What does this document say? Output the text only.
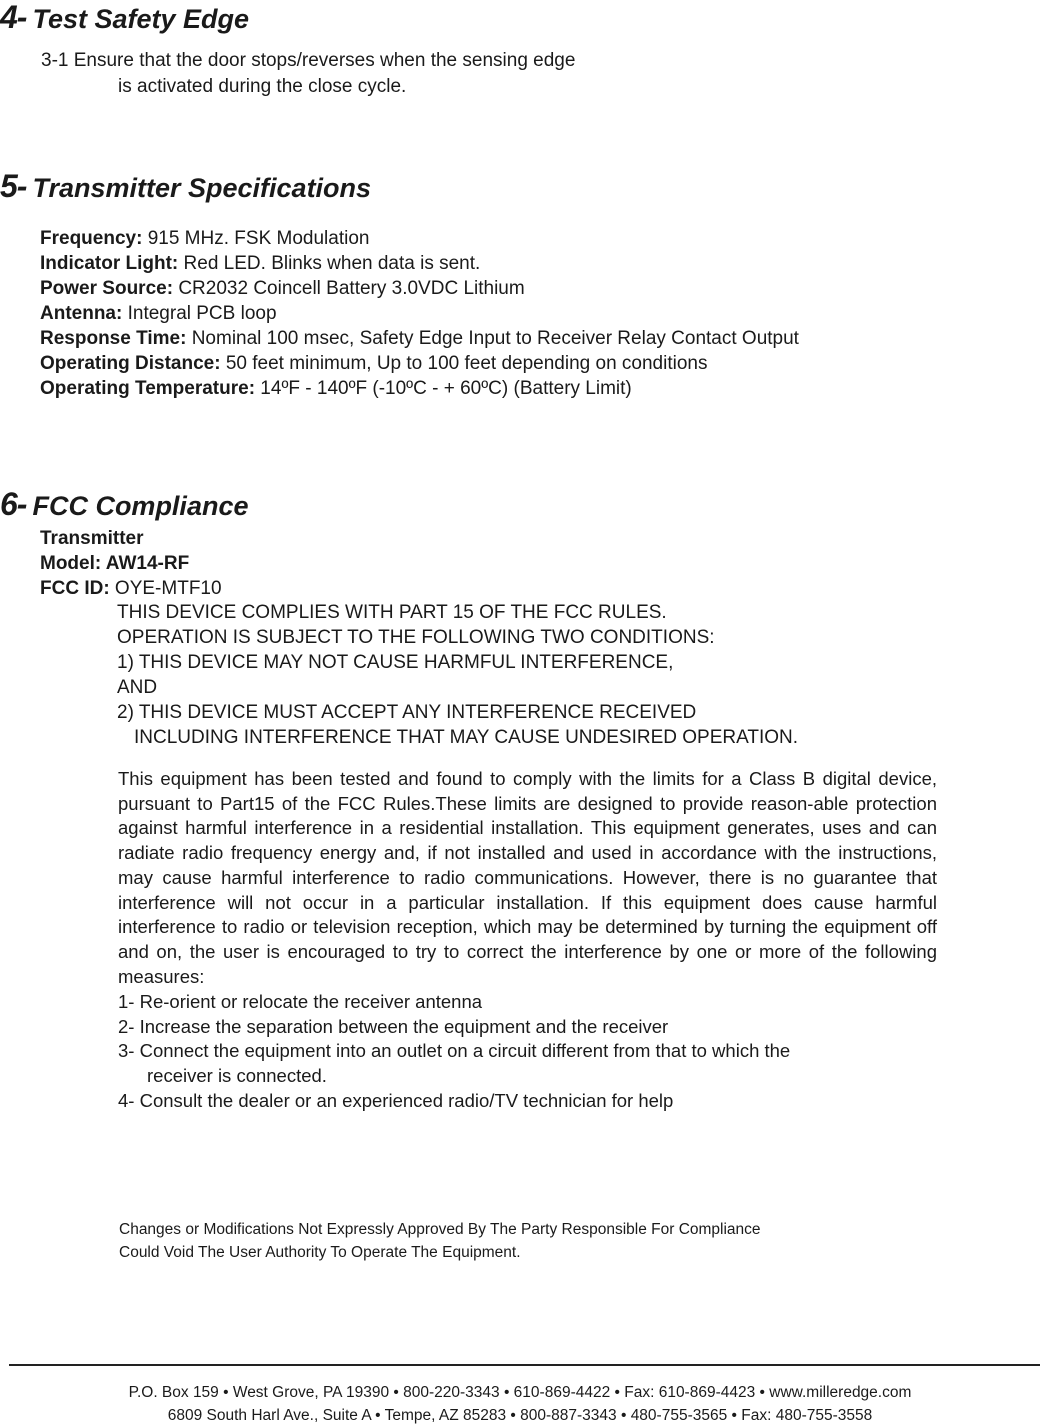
4- Test Safety Edge
3-1 Ensure that the door stops/reverses when the sensing edge
is activated during the close cycle.
5- Transmitter Specifications
Frequency: 915 MHz. FSK Modulation
Indicator Light: Red LED. Blinks when data is sent.
Power Source: CR2032 Coincell Battery 3.0VDC Lithium
Antenna: Integral PCB loop
Response Time: Nominal 100 msec, Safety Edge Input to Receiver Relay Contact Output
Operating Distance: 50 feet minimum, Up to 100 feet depending on conditions
Operating Temperature: 14ºF - 140ºF (-10ºC - + 60ºC) (Battery Limit)
6- FCC Compliance
Transmitter
Model: AW14-RF
FCC ID: OYE-MTF10
THIS DEVICE COMPLIES WITH PART 15 OF THE FCC RULES.
OPERATION IS SUBJECT TO THE FOLLOWING TWO CONDITIONS:
1) THIS DEVICE MAY NOT CAUSE HARMFUL INTERFERENCE,
AND
2) THIS DEVICE MUST ACCEPT ANY INTERFERENCE RECEIVED
INCLUDING INTERFERENCE THAT MAY CAUSE UNDESIRED OPERATION.
This equipment has been tested and found to comply with the limits for a Class B digital device, pursuant to Part15 of the FCC Rules.These limits are designed to provide reason-able protection against harmful interference in a residential installation. This equipment generates, uses and can radiate radio frequency energy and, if not installed and used in accordance with the instructions, may cause harmful interference to radio communications. However, there is no guarantee that interference will not occur in a particular installation. If this equipment does cause harmful interference to radio or television reception, which may be determined by turning the equipment off and on, the user is encouraged to try to correct the interference by one or more of the following measures:
1- Re-orient or relocate the receiver antenna
2- Increase the separation between the equipment and the receiver
3- Connect the equipment into an outlet on a circuit different from that to which the
receiver is connected.
4- Consult the dealer or an experienced radio/TV technician for help
Changes or Modifications Not Expressly Approved By The Party Responsible For Compliance
Could Void The User Authority To Operate The Equipment.
P.O. Box 159 • West Grove, PA 19390 • 800-220-3343 • 610-869-4422 • Fax: 610-869-4423 • www.milleredge.com
6809 South Harl Ave., Suite A • Tempe, AZ 85283 • 800-887-3343 • 480-755-3565 • Fax: 480-755-3558
